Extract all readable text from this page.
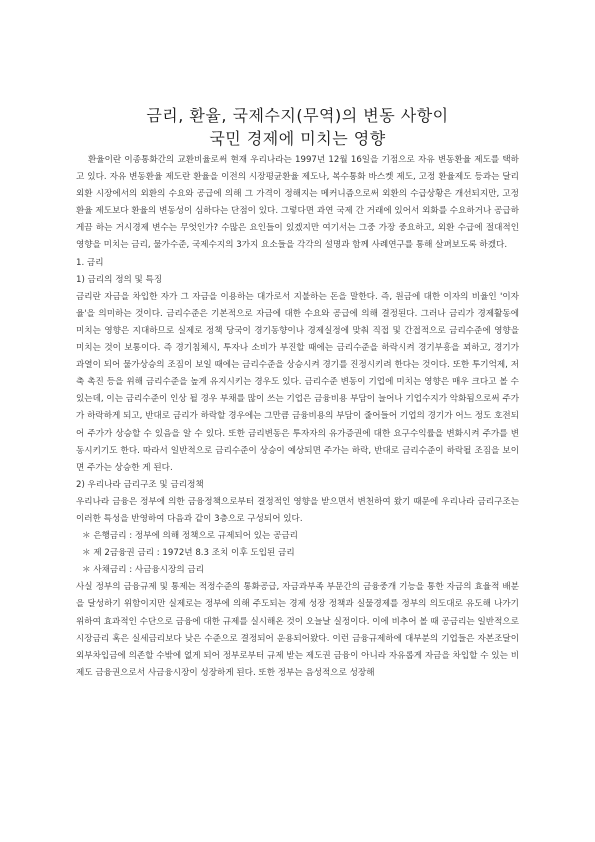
금리, 환율, 국제수지(무역)의 변동 사항이
국민 경제에 미치는 영향

환율이란 이종통화간의 교환비율로써 현재 우리나라는 1997년 12월 16일을 기점으로 자유 변동환율 제도를 택하고 있다. 자유 변동환율 제도란 환율을 이전의 시장평균환율 제도나, 복수통화 바스켓 제도, 고정 환율제도 등과는 달리 외환 시장에서의 외환의 수요와 공급에 의해 그 가격이 정해지는 메커니즘으로써 외환의 수급상황은 개선되지만, 고정환율 제도보다 환율의 변동성이 심하다는 단점이 있다. 그렇다면 과연 국제 간 거래에 있어서 외화를 수요하거나 공급하게끔 하는 거시경제 변수는 무엇인가? 수많은 요인들이 있겠지만 여기서는 그중 가장 중요하고, 외환 수급에 절대적인 영향을 미치는 금리, 물가수준, 국제수지의 3가지 요소들을 각각의 설명과 함께 사례연구를 통해 살펴보도록 하겠다.

1. 금리

1) 금리의 정의 및 특징

금리란 자금을 차입한 자가 그 자금을 이용하는 대가로서 지불하는 돈을 말한다. 즉, 원금에 대한 이자의 비율인 '이자율'을 의미하는 것이다. 금리수준은 기본적으로 자금에 대한 수요와 공급에 의해 결정된다. 그러나 금리가 경제활동에 미치는 영향은 지대하므로 실제로 정책 당국이 경기동향이나 경제실정에 맞춰 직접 및 간접적으로 금리수준에 영향을 미치는 것이 보통이다. 즉 경기침체시, 투자나 소비가 부진할 때에는 금리수준을 하락시켜 경기부흥을 꾀하고, 경기가 과열이 되어 물가상승의 조짐이 보일 때에는 금리수준을 상승시켜 경기를 진정시키려 한다는 것이다. 또한 투기억제, 저축 촉진 등을 위해 금리수준을 높게 유지시키는 경우도 있다. 금리수준 변동이 기업에 미치는 영향은 매우 크다고 볼 수 있는데, 이는 금리수준이 인상 될 경우 부채를 많이 쓰는 기업은 금융비용 부담이 늘어나 기업수지가 악화됨으로써 주가가 하락하게 되고, 반대로 금리가 하락할 경우에는 그만큼 금융비용의 부담이 줄어들어 기업의 경기가 어느 정도 호전되어 주가가 상승할 수 있음을 알 수 있다. 또한 금리변동은 투자자의 유가증권에 대한 요구수익률을 변화시켜 주가를 변동시키기도 한다. 따라서 일반적으로 금리수준이 상승이 예상되면 주가는 하락, 반대로 금리수준이 하락될 조짐을 보이면 주가는 상승한 게 된다.

2) 우리나라 금리구조 및 금리정책

우리나라 금융은 정부에 의한 금융정책으로부터 결정적인 영향을 받으면서 변천하여 왔기 때문에 우리나라 금리구조는 이러한 특성을 반영하여 다음과 같이 3층으로 구성되어 있다.

＊ 은행금리 : 정부에 의해 정책으로 규제되어 있는 공금리

＊ 제 2금융권 금리 : 1972년 8.3 조치 이후 도입된 금리

＊ 사채금리 : 사금융시장의 금리

사실 정부의 금융규제 및 통제는 적정수준의 통화공급, 자금과부족 부문간의 금융중개 기능을 통한 자금의 효율적 배분을 달성하기 위함이지만 실제로는 정부에 의해 주도되는 경제 성장 정책과 실물경제를 정부의 의도대로 유도해 나가기 위하여 효과적인 수단으로 금융에 대한 규제를 실시해온 것이 오늘날 실정이다. 이에 비추어 볼 때 공금리는 일반적으로 시장금리 혹은 실세금리보다 낮은 수준으로 결정되어 운용되어왔다. 이런 금융규제하에 대부분의 기업들은 자본조달이 외부차입금에 의존할 수밖에 없게 되어 정부로부터 규제 받는 제도권 금융이 아니라 자유롭게 자금을 차입할 수 있는 비제도 금융권으로서 사금융시장이 성장하게 된다. 또한 정부는 음성적으로 성장해
